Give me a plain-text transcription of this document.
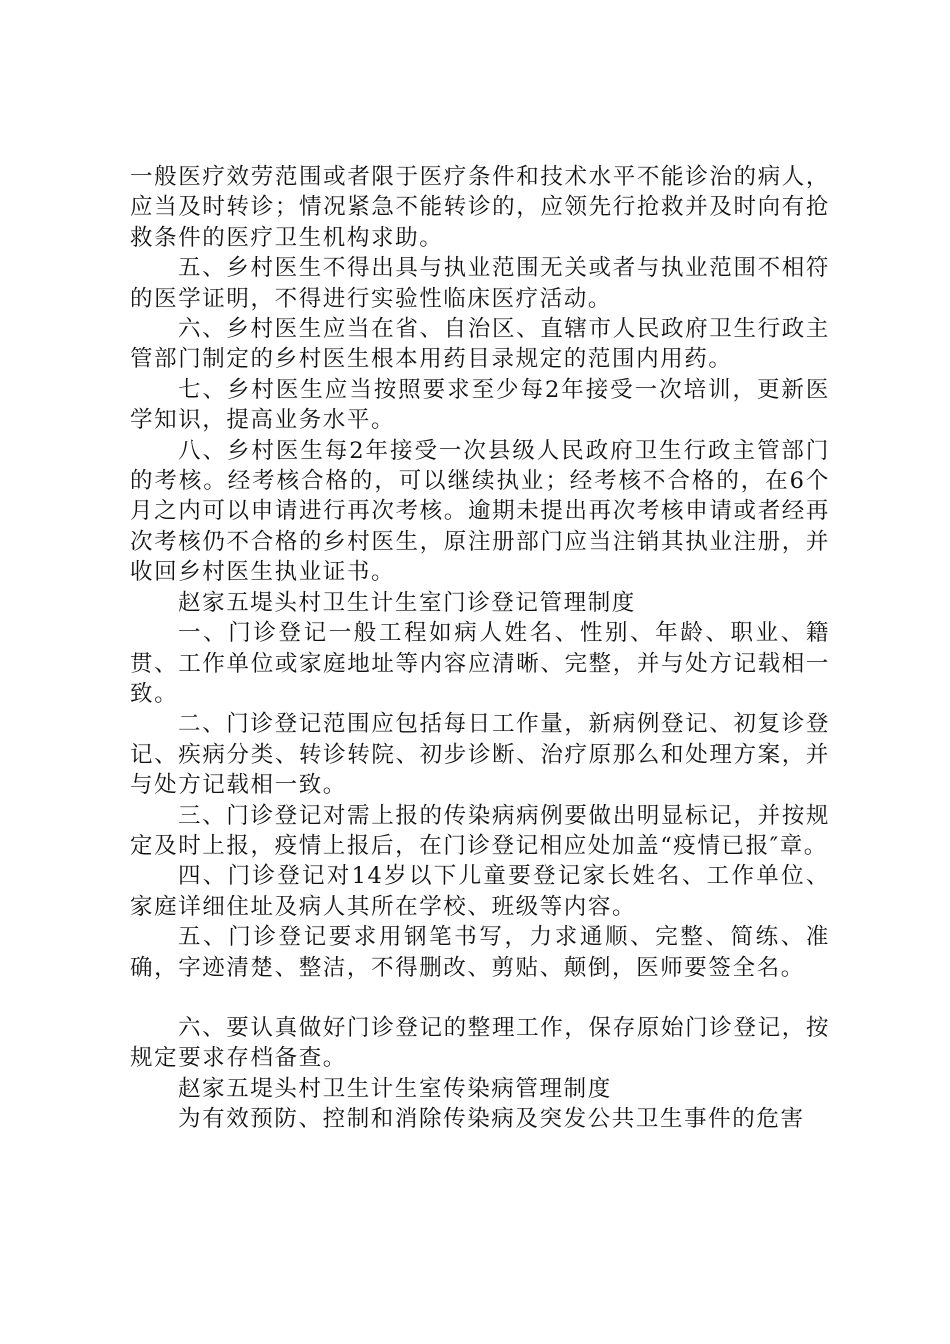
一般医疗效劳范围或者限于医疗条件和技术水平不能诊治的病人，应当及时转诊；情况紧急不能转诊的，应领先行抢救并及时向有抢救条件的医疗卫生机构求助。

五、乡村医生不得出具与执业范围无关或者与执业范围不相符的医学证明，不得进行实验性临床医疗活动。

六、乡村医生应当在省、自治区、直辖市人民政府卫生行政主管部门制定的乡村医生根本用药目录规定的范围内用药。

七、乡村医生应当按照要求至少每2年接受一次培训，更新医学知识，提高业务水平。

八、乡村医生每2年接受一次县级人民政府卫生行政主管部门的考核。经考核合格的，可以继续执业；经考核不合格的，在6个月之内可以申请进行再次考核。逾期未提出再次考核申请或者经再次考核仍不合格的乡村医生，原注册部门应当注销其执业注册，并收回乡村医生执业证书。

赵家五堤头村卫生计生室门诊登记管理制度

一、门诊登记一般工程如病人姓名、性别、年龄、职业、籍贯、工作单位或家庭地址等内容应清晰、完整，并与处方记载相一致。

二、门诊登记范围应包括每日工作量，新病例登记、初复诊登记、疾病分类、转诊转院、初步诊断、治疗原那么和处理方案，并与处方记载相一致。

三、门诊登记对需上报的传染病病例要做出明显标记，并按规定及时上报，疫情上报后，在门诊登记相应处加盖“疫情已报″章。

四、门诊登记对14岁以下儿童要登记家长姓名、工作单位、家庭详细住址及病人其所在学校、班级等内容。

五、门诊登记要求用钢笔书写，力求通顺、完整、简练、准确，字迹清楚、整洁，不得删改、剪贴、颠倒，医师要签全名。

六、要认真做好门诊登记的整理工作，保存原始门诊登记，按规定要求存档备查。

赵家五堤头村卫生计生室传染病管理制度

为有效预防、控制和消除传染病及突发公共卫生事件的危害
